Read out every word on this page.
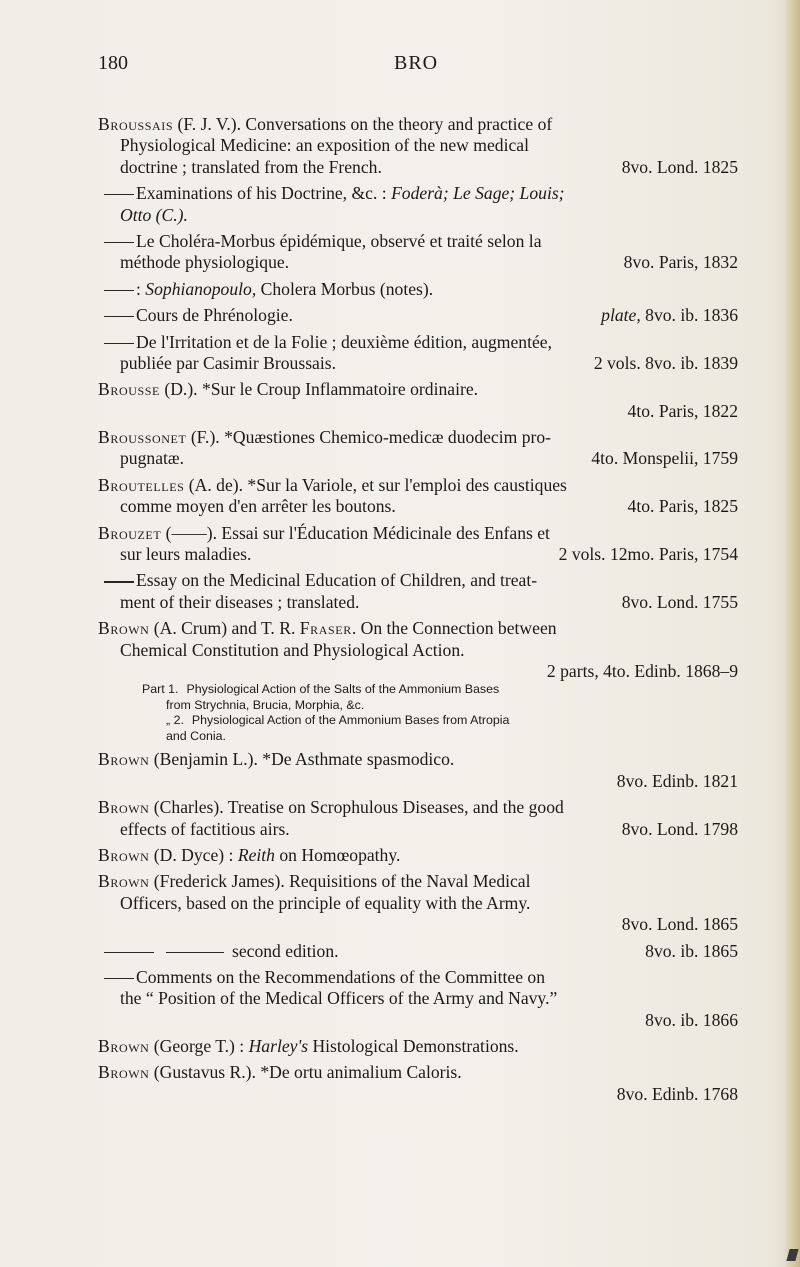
180	BRO
Broussais (F. J. V.). Conversations on the theory and practice of
Physiological Medicine: an exposition of the new medical
doctrine ; translated from the French.	8vo. Lond. 1825
Examinations of his Doctrine, &c. : Foderà; Le Sage; Louis;
Otto (C.).
Le Choléra-Morbus épidémique, observé et traité selon la
méthode physiologique.	8vo. Paris, 1832
: Sophianopoulo, Cholera Morbus (notes).
Cours de Phrénologie.	plate, 8vo. ib. 1836
De l'Irritation et de la Folie ; deuxième édition, augmentée,
publiée par Casimir Broussais.	2 vols. 8vo. ib. 1839
Brousse (D.). *Sur le Croup Inflammatoire ordinaire.
4to. Paris, 1822
Broussonet (F.). *Quæstiones Chemico-medicæ duodecim pro-
pugnatæ.	4to. Monspelii, 1759
Broutelles (A. de). *Sur la Variole, et sur l'emploi des caustiques
comme moyen d'en arrêter les boutons.	4to. Paris, 1825
Brouzet (——). Essai sur l'Éducation Médicinale des Enfans et
sur leurs maladies.	2 vols. 12mo. Paris, 1754
Essay on the Medicinal Education of Children, and treat-
ment of their diseases ; translated.	8vo. Lond. 1755
Brown (A. Crum) and T. R. Fraser. On the Connection between
Chemical Constitution and Physiological Action.
2 parts, 4to. Edinb. 1868–9
Part 1. Physiological Action of the Salts of the Ammonium Bases
from Strychnia, Brucia, Morphia, &c.
„ 2. Physiological Action of the Ammonium Bases from Atropia
and Conia.
Brown (Benjamin L.). *De Asthmate spasmodico.
8vo. Edinb. 1821
Brown (Charles). Treatise on Scrophulous Diseases, and the good
effects of factitious airs.	8vo. Lond. 1798
Brown (D. Dyce) : Reith on Homœopathy.
Brown (Frederick James). Requisitions of the Naval Medical
Officers, based on the principle of equality with the Army.
8vo. Lond. 1865
second edition.	8vo. ib. 1865
Comments on the Recommendations of the Committee on
the “ Position of the Medical Officers of the Army and Navy.”
8vo. ib. 1866
Brown (George T.) : Harley's Histological Demonstrations.
Brown (Gustavus R.). *De ortu animalium Caloris.
8vo. Edinb. 1768
